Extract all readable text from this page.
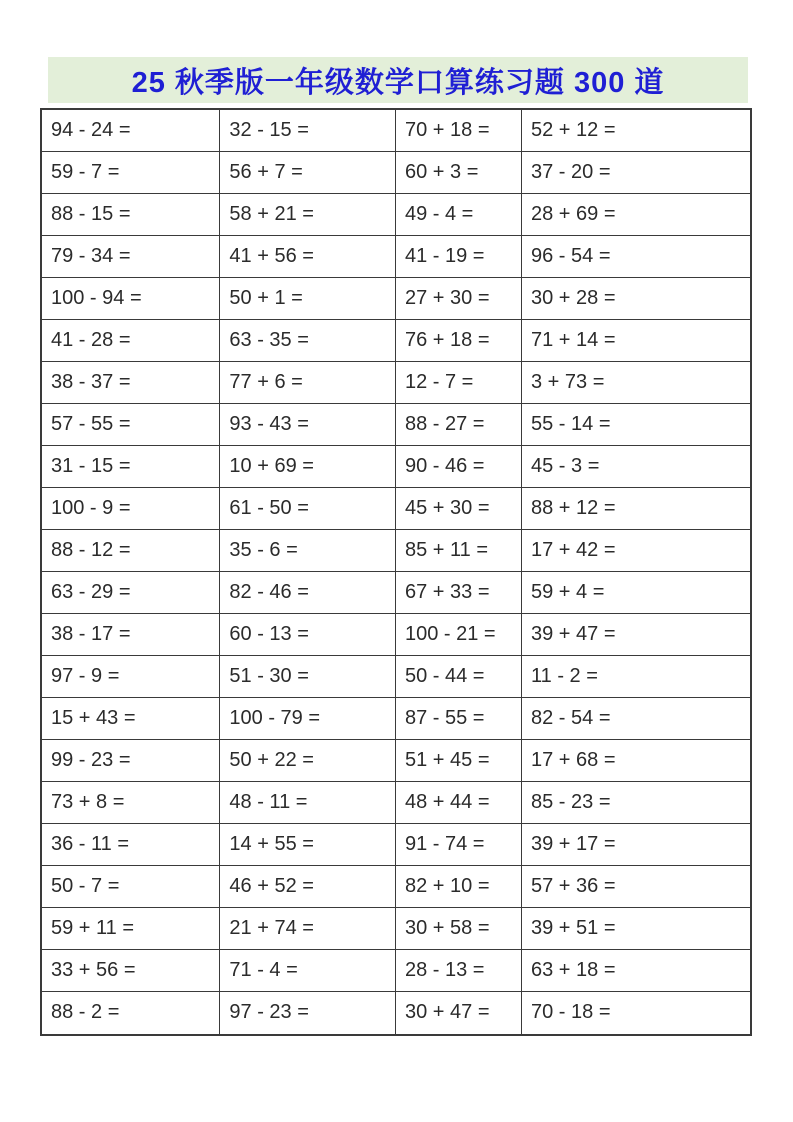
25 秋季版一年级数学口算练习题 300 道
94 - 24 =	32 - 15 =	70 + 18 =	52 + 12 =
59 - 7 =	56 + 7 =	60 + 3 =	37 - 20 =
88 - 15 =	58 + 21 =	49 - 4 =	28 + 69 =
79 - 34 =	41 + 56 =	41 - 19 =	96 - 54 =
100 - 94 =	50 + 1 =	27 + 30 =	30 + 28 =
41 - 28 =	63 - 35 =	76 + 18 =	71 + 14 =
38 - 37 =	77 + 6 =	12 - 7 =	3 + 73 =
57 - 55 =	93 - 43 =	88 - 27 =	55 - 14 =
31 - 15 =	10 + 69 =	90 - 46 =	45 - 3 =
100 - 9 =	61 - 50 =	45 + 30 =	88 + 12 =
88 - 12 =	35 - 6 =	85 + 11 =	17 + 42 =
63 - 29 =	82 - 46 =	67 + 33 =	59 + 4 =
38 - 17 =	60 - 13 =	100 - 21 =	39 + 47 =
97 - 9 =	51 - 30 =	50 - 44 =	11 - 2 =
15 + 43 =	100 - 79 =	87 - 55 =	82 - 54 =
99 - 23 =	50 + 22 =	51 + 45 =	17 + 68 =
73 + 8 =	48 - 11 =	48 + 44 =	85 - 23 =
36 - 11 =	14 + 55 =	91 - 74 =	39 + 17 =
50 - 7 =	46 + 52 =	82 + 10 =	57 + 36 =
59 + 11 =	21 + 74 =	30 + 58 =	39 + 51 =
33 + 56 =	71 - 4 =	28 - 13 =	63 + 18 =
88 - 2 =	97 - 23 =	30 + 47 =	70 - 18 =
